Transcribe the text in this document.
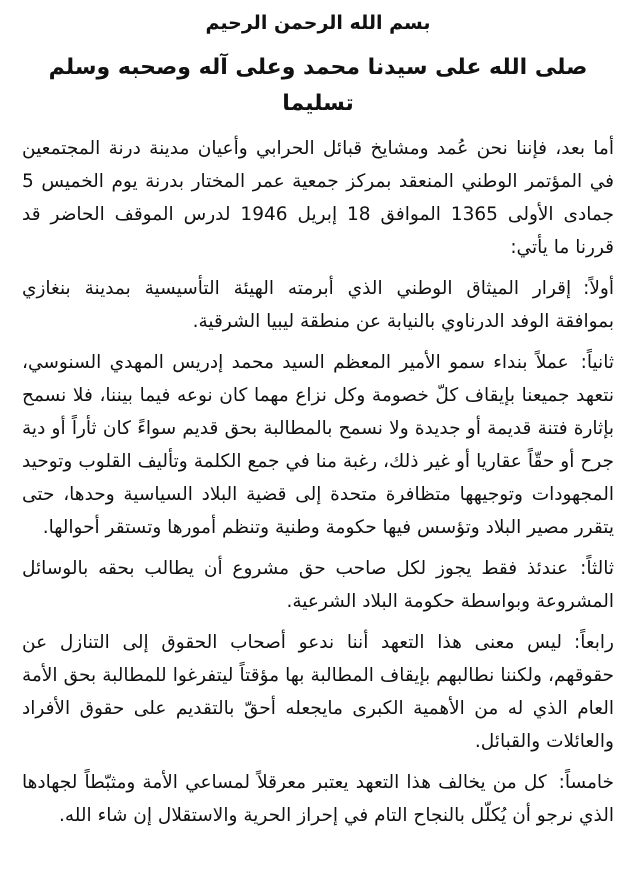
بسم الله الرحمن الرحيم
صلى الله على سيدنا محمد وعلى آله وصحبه وسلم تسليما

أما بعد، فإننا نحن عُمد ومشايخ قبائل الحرابي وأعيان مدينة درنة المجتمعين في المؤتمر الوطني المنعقد بمركز جمعية عمر المختار بدرنة يوم الخميس 5 جمادى الأولى 1365 الموافق 18 إبريل 1946 لدرس الموقف الحاضر قد قررنا ما يأتي:

أولاً:إقرار الميثاق الوطني الذي أبرمته الهيئة التأسيسية بمدينة بنغازي بموافقة الوفد الدرناوي بالنيابة عن منطقة ليبيا الشرقية.

ثانياً:عملاً بنداء سمو الأمير المعظم السيد محمد إدريس المهدي السنوسي، نتعهد جميعنا بإيقاف كلّ خصومة وكل نزاع مهما كان نوعه فيما بيننا، فلا نسمح بإثارة فتنة قديمة أو جديدة ولا نسمح بالمطالبة بحق قديم سواءً كان ثأراً أو دية جرح أو حقّاً عقاريا أو غير ذلك، رغبة منا في جمع الكلمة وتأليف القلوب وتوحيد المجهودات وتوجيهها متظافرة متحدة إلى قضية البلاد السياسية وحدها، حتى يتقرر مصير البلاد وتؤسس فيها حكومة وطنية وتنظم أمورها وتستقر أحوالها.

ثالثاً:عندئذ فقط يجوز لكل صاحب حق مشروع أن يطالب بحقه بالوسائل المشروعة وبواسطة حكومة البلاد الشرعية.

رابعاً:ليس معنى هذا التعهد أننا ندعو أصحاب الحقوق إلى التنازل عن حقوقهم، ولكننا نطالبهم بإيقاف المطالبة بها مؤقتاً ليتفرغوا للمطالبة بحق الأمة العام الذي له من الأهمية الكبرى مايجعله أحقّ بالتقديم على حقوق الأفراد والعائلات والقبائل.

خامساً:كل من يخالف هذا التعهد يعتبر معرقلاً لمساعي الأمة ومثبّطاً لجهادها الذي نرجو أن يُكلّل بالنجاح التام في إحراز الحرية والاستقلال إن شاء الله.
